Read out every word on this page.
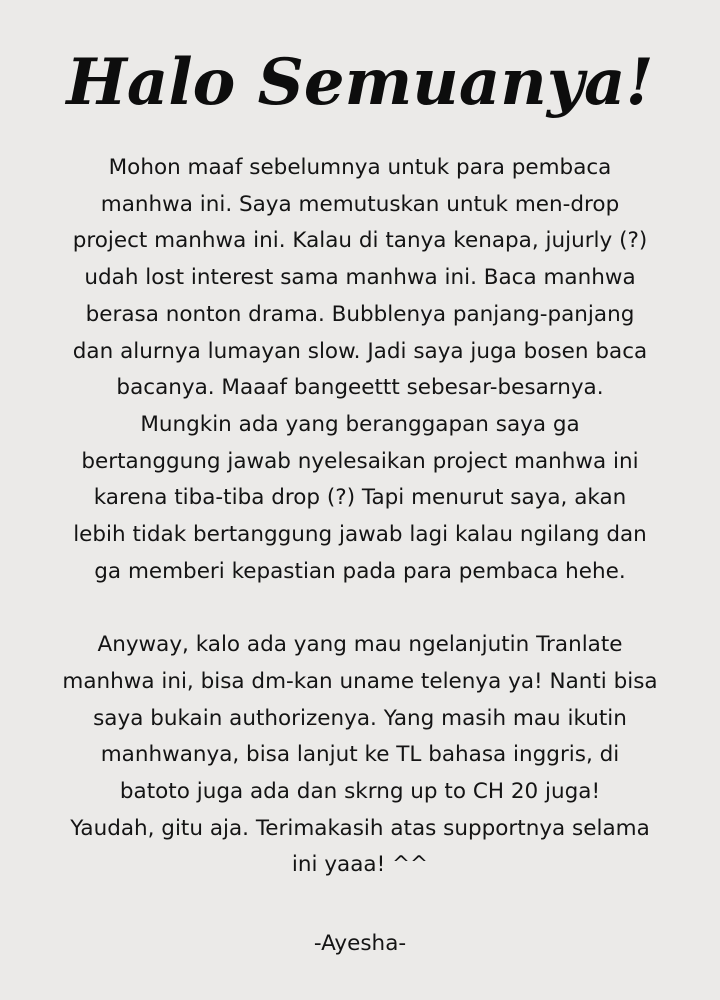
Halo Semuanya!
Mohon maaf sebelumnya untuk para pembaca
manhwa ini. Saya memutuskan untuk men-drop
project manhwa ini. Kalau di tanya kenapa, jujurly (?)
udah lost interest sama manhwa ini. Baca manhwa
berasa nonton drama. Bubblenya panjang-panjang
dan alurnya lumayan slow. Jadi saya juga bosen baca
bacanya. Maaaf bangeettt sebesar-besarnya.
Mungkin ada yang beranggapan saya ga
bertanggung jawab nyelesaikan project manhwa ini
karena tiba-tiba drop (?) Tapi menurut saya, akan
lebih tidak bertanggung jawab lagi kalau ngilang dan
ga memberi kepastian pada para pembaca hehe.
Anyway, kalo ada yang mau ngelanjutin Tranlate
manhwa ini, bisa dm-kan uname telenya ya! Nanti bisa
saya bukain authorizenya. Yang masih mau ikutin
manhwanya, bisa lanjut ke TL bahasa inggris, di
batoto juga ada dan skrng up to CH 20 juga!
Yaudah, gitu aja. Terimakasih atas supportnya selama
ini yaaa! ^^
-Ayesha-
